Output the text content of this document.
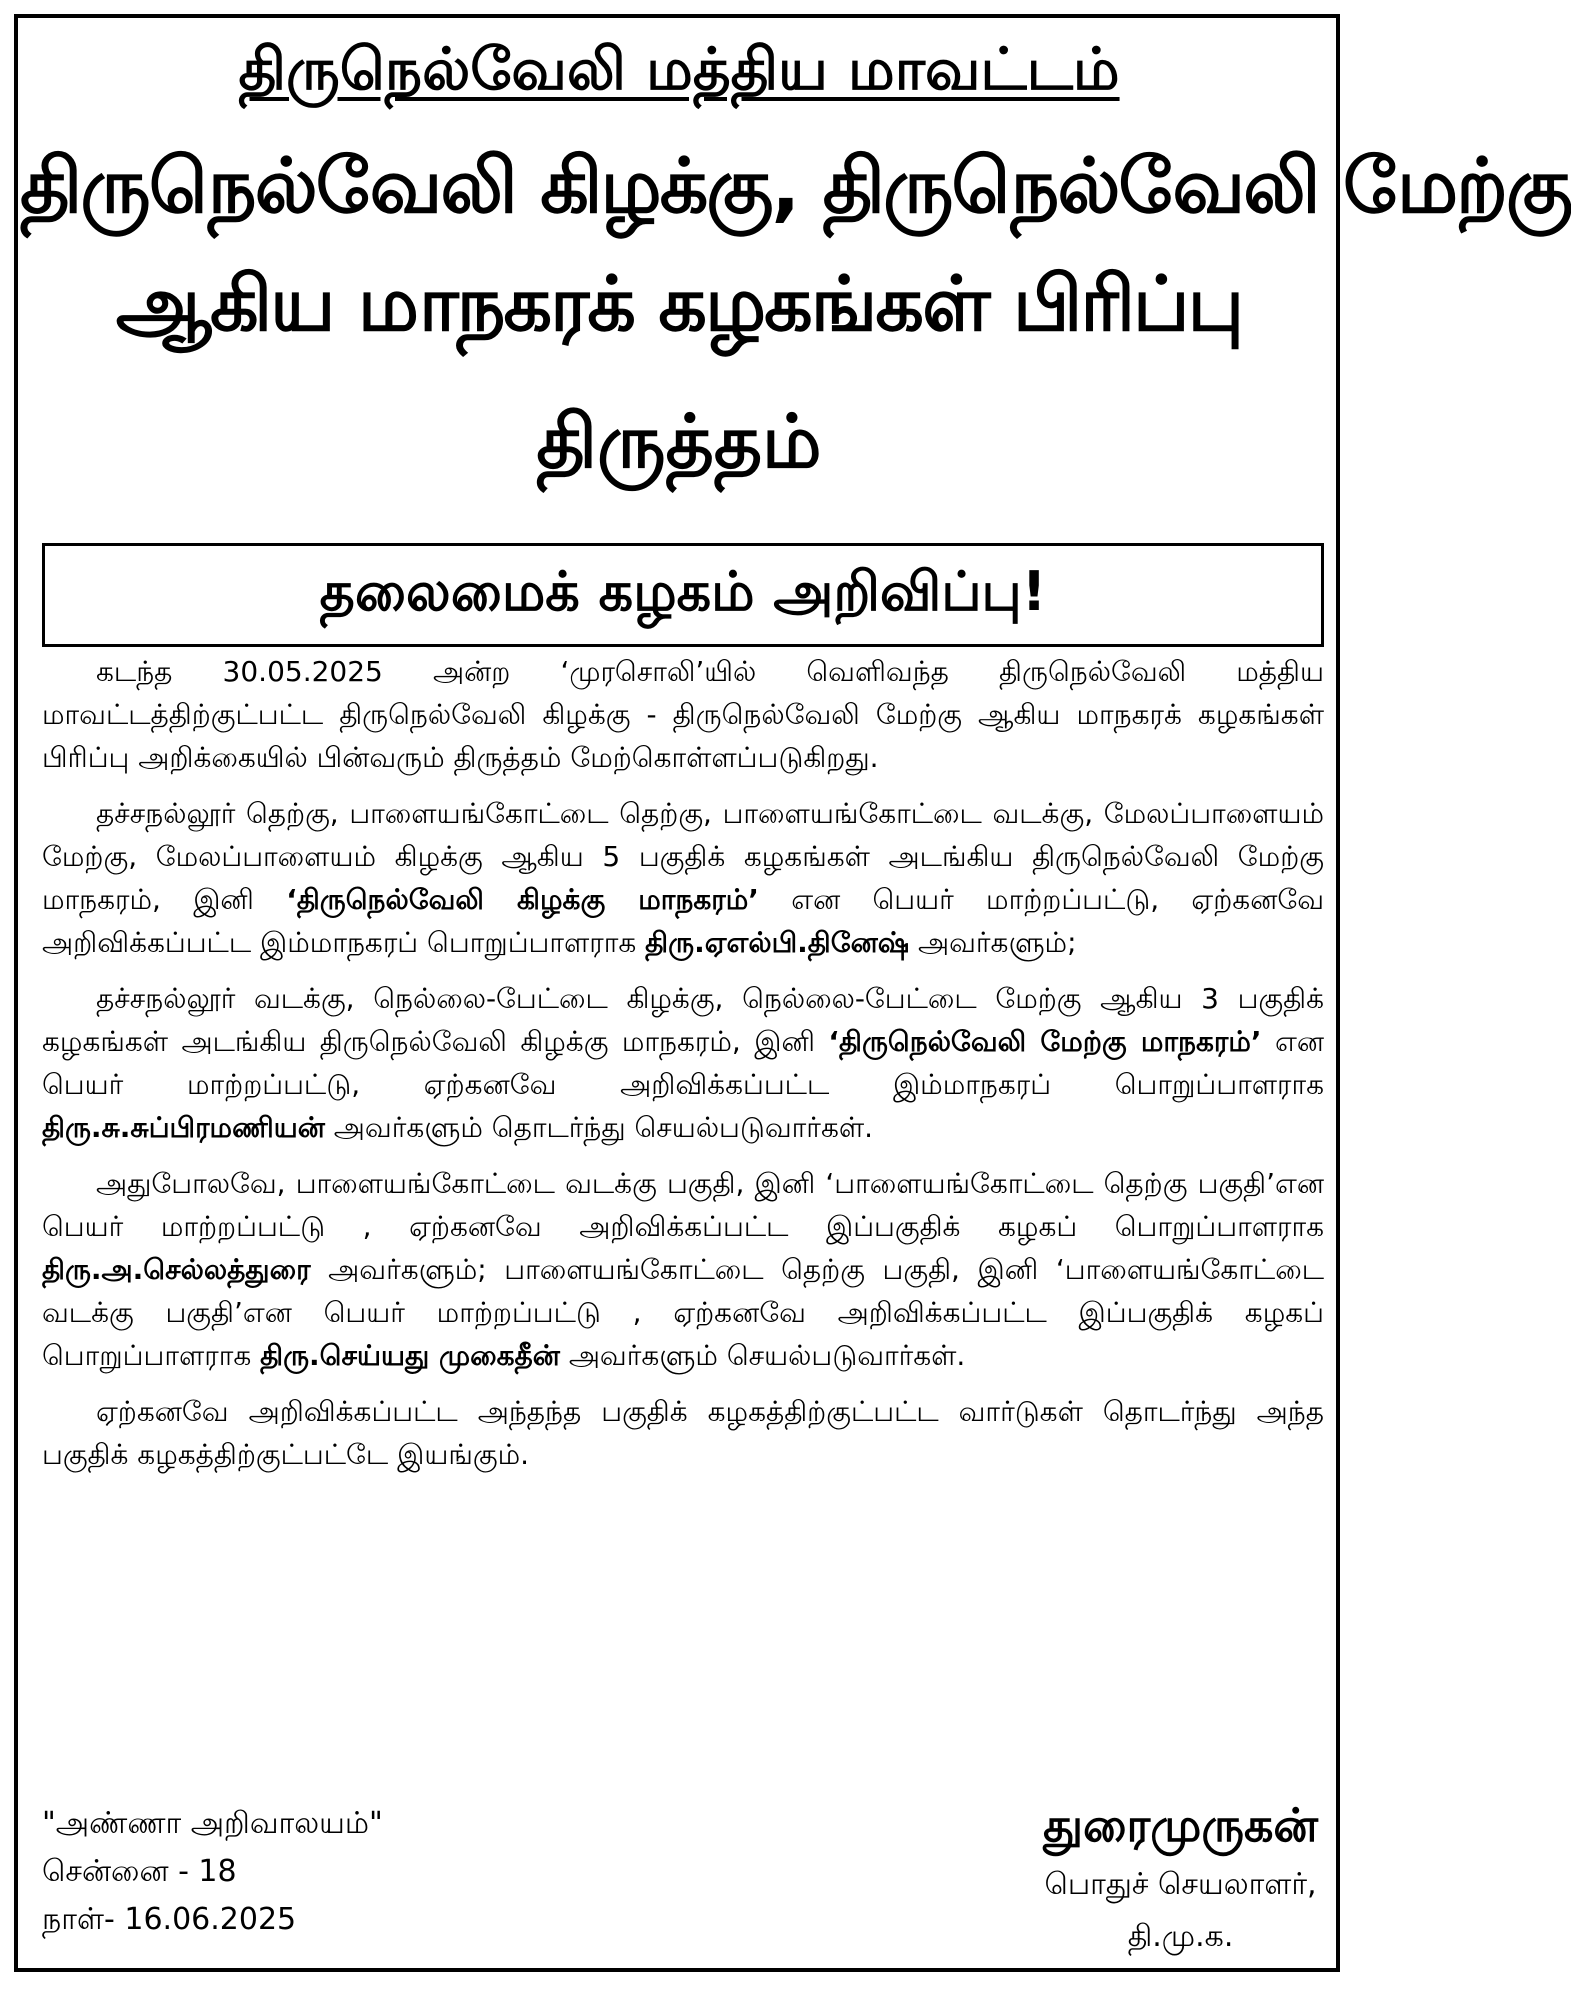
திருநெல்வேலி மத்திய மாவட்டம்
திருநெல்வேலி கிழக்கு, திருநெல்வேலி மேற்கு
ஆகிய மாநகரக் கழகங்கள் பிரிப்பு
திருத்தம்
தலைமைக் கழகம் அறிவிப்பு!

கடந்த 30.05.2025 அன்ற ‘முரசொலி’யில் வெளிவந்த திருநெல்வேலி மத்திய மாவட்டத்திற்குட்பட்ட திருநெல்வேலி கிழக்கு - திருநெல்வேலி மேற்கு ஆகிய மாநகரக் கழகங்கள் பிரிப்பு அறிக்கையில் பின்வரும் திருத்தம் மேற்கொள்ளப்படுகிறது.

தச்சநல்லூர் தெற்கு, பாளையங்கோட்டை தெற்கு, பாளையங்கோட்டை வடக்கு, மேலப்பாளையம் மேற்கு, மேலப்பாளையம் கிழக்கு ஆகிய 5 பகுதிக் கழகங்கள் அடங்கிய திருநெல்வேலி மேற்கு மாநகரம், இனி ‘திருநெல்வேலி கிழக்கு மாநகரம்’ என பெயர் மாற்றப்பட்டு, ஏற்கனவே அறிவிக்கப்பட்ட இம்மாநகரப் பொறுப்பாளராக திரு.ஏஎல்பி.தினேஷ் அவர்களும்;

தச்சநல்லூர் வடக்கு, நெல்லை-பேட்டை கிழக்கு, நெல்லை-பேட்டை மேற்கு ஆகிய 3 பகுதிக் கழகங்கள் அடங்கிய திருநெல்வேலி கிழக்கு மாநகரம், இனி ‘திருநெல்வேலி மேற்கு மாநகரம்’ என பெயர் மாற்றப்பட்டு, ஏற்கனவே அறிவிக்கப்பட்ட இம்மாநகரப் பொறுப்பாளராக திரு.சு.சுப்பிரமணியன் அவர்களும் தொடர்ந்து செயல்படுவார்கள்.

அதுபோலவே, பாளையங்கோட்டை வடக்கு பகுதி, இனி ‘பாளையங்கோட்டை தெற்கு பகுதி’என பெயர் மாற்றப்பட்டு , ஏற்கனவே அறிவிக்கப்பட்ட இப்பகுதிக் கழகப் பொறுப்பாளராக திரு.அ.செல்லத்துரை அவர்களும்; பாளையங்கோட்டை தெற்கு பகுதி, இனி ‘பாளையங்கோட்டை வடக்கு பகுதி’என பெயர் மாற்றப்பட்டு , ஏற்கனவே அறிவிக்கப்பட்ட இப்பகுதிக் கழகப் பொறுப்பாளராக திரு.செய்யது முகைதீன் அவர்களும் செயல்படுவார்கள்.

ஏற்கனவே அறிவிக்கப்பட்ட அந்தந்த பகுதிக் கழகத்திற்குட்பட்ட வார்டுகள் தொடர்ந்து அந்த பகுதிக் கழகத்திற்குட்பட்டே இயங்கும்.

"அண்ணா அறிவாலயம்"
சென்னை - 18
நாள்- 16.06.2025
துரைமுருகன்
பொதுச் செயலாளர்,
தி.மு.க.
